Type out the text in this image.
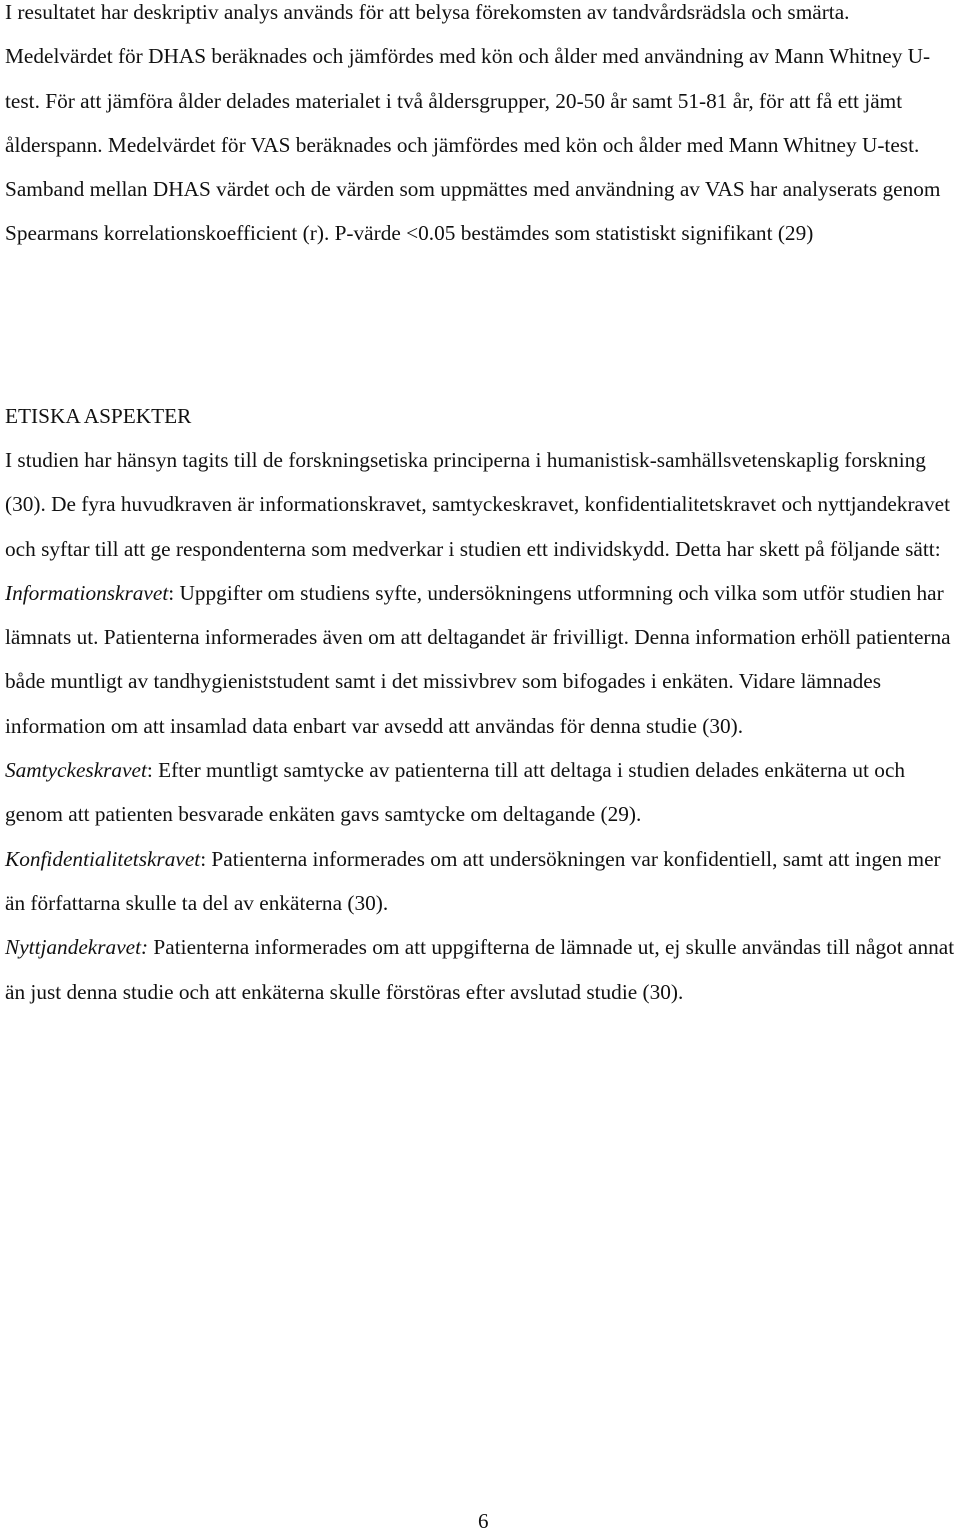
I resultatet har deskriptiv analys används för att belysa förekomsten av tandvårdsrädsla och smärta. Medelvärdet för DHAS beräknades och jämfördes med kön och ålder med användning av Mann Whitney U-test. För att jämföra ålder delades materialet i två åldersgrupper, 20-50 år samt 51-81 år, för att få ett jämt ålderspann. Medelvärdet för VAS beräknades och jämfördes med kön och ålder med Mann Whitney U-test. Samband mellan DHAS värdet och de värden som uppmättes med användning av VAS har analyserats genom Spearmans korrelationskoefficient (r). P-värde <0.05 bestämdes som statistiskt signifikant (29)

ETISKA ASPEKTER

I studien har hänsyn tagits till de forskningsetiska principerna i humanistisk-samhällsvetenskaplig forskning (30). De fyra huvudkraven är informationskravet, samtyckeskravet, konfidentialitetskravet och nyttjandekravet och syftar till att ge respondenterna som medverkar i studien ett individskydd. Detta har skett på följande sätt:
Informationskravet: Uppgifter om studiens syfte, undersökningens utformning och vilka som utför studien har lämnats ut. Patienterna informerades även om att deltagandet är frivilligt. Denna information erhöll patienterna både muntligt av tandhygieniststudent samt i det missivbrev som bifogades i enkäten. Vidare lämnades information om att insamlad data enbart var avsedd att användas för denna studie (30).
Samtyckeskravet: Efter muntligt samtycke av patienterna till att deltaga i studien delades enkäterna ut och genom att patienten besvarade enkäten gavs samtycke om deltagande (29).
Konfidentialitetskravet: Patienterna informerades om att undersökningen var konfidentiell, samt att ingen mer än författarna skulle ta del av enkäterna (30).
Nyttjandekravet: Patienterna informerades om att uppgifterna de lämnade ut, ej skulle användas till något annat än just denna studie och att enkäterna skulle förstöras efter avslutad studie (30).

6
